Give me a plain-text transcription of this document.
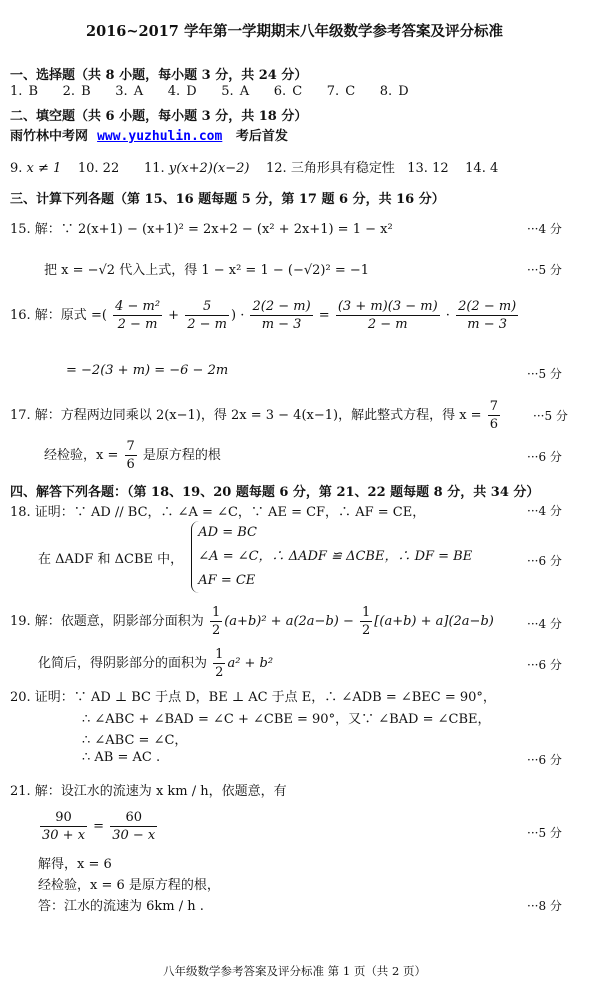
2016~2017 学年第一学期期末八年级数学参考答案及评分标准
一、选择题（共 8 小题，每小题 3 分，共 24 分）
1. B 2. B 3. A 4. D 5. A 6. C 7. C 8. D
二、填空题（共 6 小题，每小题 3 分，共 18 分）
雨竹林中考网 www.yuzhulin.com 考后首发
9. x ≠ 1 10. 22 11. y(x+2)(x−2) 12. 三角形具有稳定性 13. 12 14. 4
三、计算下列各题（第 15、16 题每题 5 分，第 17 题 6 分，共 16 分）
15. 解：∵ 2(x+1) − (x+1)² = 2x+2 − (x² + 2x+1) = 1 − x²	···4 分
把 x = −√2 代入上式，得 1 − x² = 1 − (−√2)² = −1	···5 分
16. 解：原式 =( $\frac{\text{4 − m²}}{2 - m} + \frac{5}{2 - m}$ ) · $\frac{2(2 - m)}{m - 3} = \frac{(3 + m)(3 - m)}{2 - m} \cdot \frac{2(2 - m)}{m - 3}$
= −2(3 + m) = −6 − 2m	···5 分
17. 解：方程两边同乘以 2(x−1)，得 2x = 3 − 4(x−1)，解此整式方程，得 $x = \frac{7}{6}$	···5 分
经检验，$x = \frac{7}{6}$ 是原方程的根	···6 分
四、解答下列各题：（第 18、19、20 题每题 6 分，第 21、22 题每题 8 分，共 34 分）
18. 证明：∵ AD // BC，∴ ∠A = ∠C，∵ AE = CF，∴ AF = CE，	···4 分
在 ΔADF 和 ΔCBE 中，
AD = BC
∠A = ∠C，∴ ΔADF ≌ ΔCBE，∴ DF = BE
AF = CE
···6 分
19. 解：依题意，阴影部分面积为 $\frac{1}{2} (a+b)^2 + a(2a-b) - \frac{1}{2} [(a+b) + a](2a-b)$	···4 分
化简后，得阴影部分的面积为 $\frac{1}{2} a^2 + b^2$	···6 分
20. 证明：∵ AD ⊥ BC 于点 D，BE ⊥ AC 于点 E，∴ ∠ADB = ∠BEC = 90°，
∴ ∠ABC + ∠BAD = ∠C + ∠CBE = 90°，又∵ ∠BAD = ∠CBE，
∴ ∠ABC = ∠C，
∴ AB = AC .	···6 分
21. 解：设江水的流速为 x km / h，依题意，有
$\frac{90}{30 + x} = \frac{60}{30 - x}$	···5 分
解得，x = 6
经检验，x = 6 是原方程的根，
答：江水的流速为 6km / h .	···8 分
八年级数学参考答案及评分标准 第 1 页（共 2 页）
